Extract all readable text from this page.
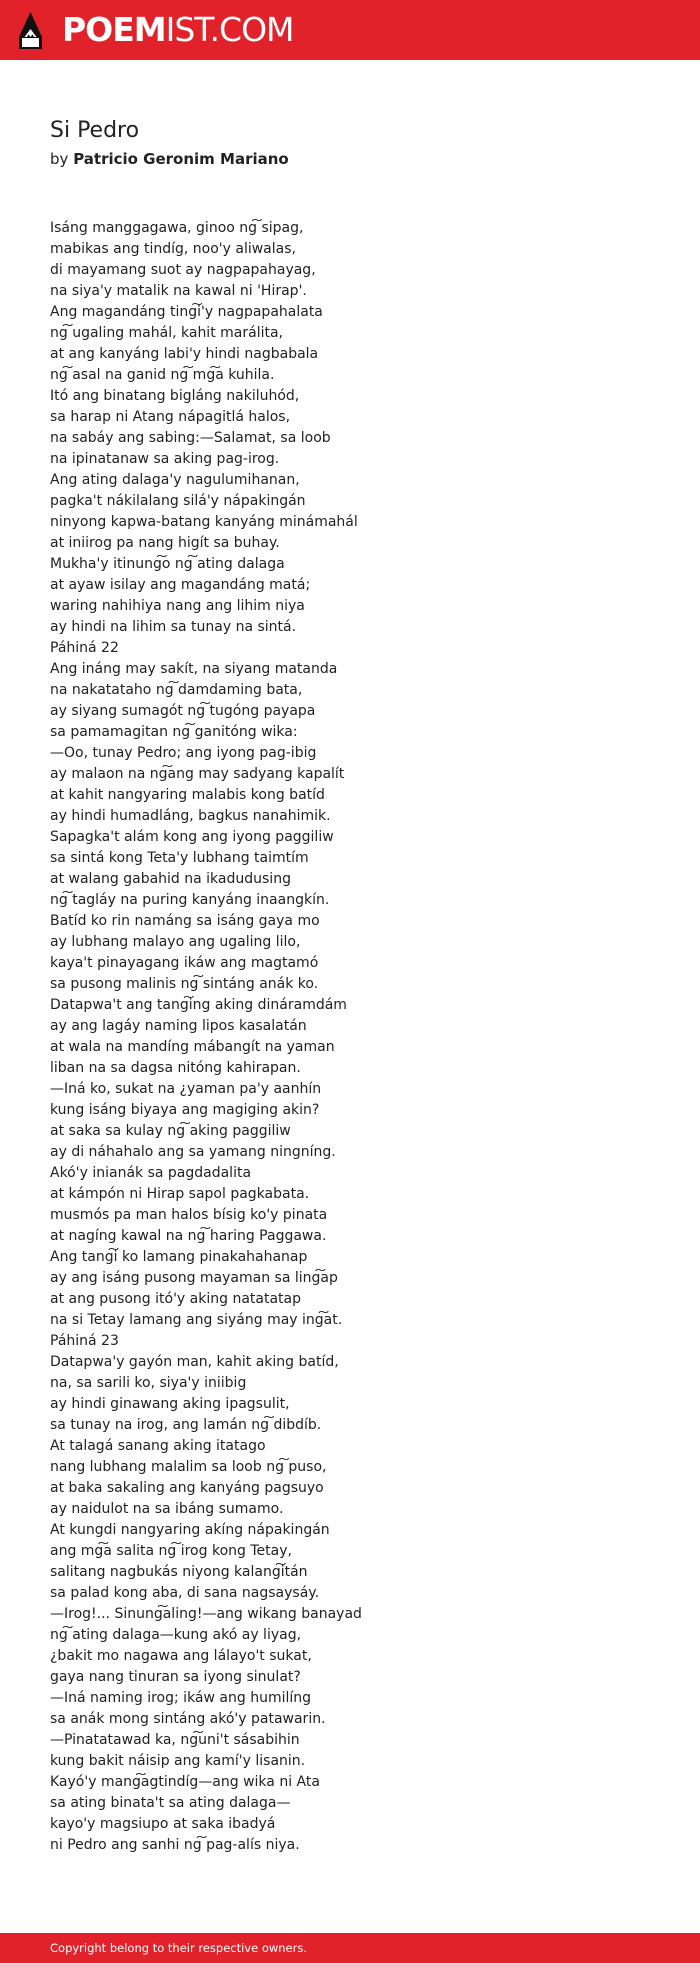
POEMIST.COM
Si Pedro
by Patricio Geronim Mariano
Isáng manggagawa, ginoo ng͠ sipag,
mabikas ang tindíg, noo'y aliwalas,
di mayamang suot ay nagpapahayag,
na siya'y matalik na kawal ni 'Hirap'.
Ang magandáng ting͠i'y nagpapahalata
ng͠ ugaling mahál, kahit marálita,
at ang kanyáng labi'y hindi nagbabala
ng͠ asal na ganid ng͠ mg͠a kuhila.
Itó ang binatang bigláng nakiluhód,
sa harap ni Atang nápagitlá halos,
na sabáy ang sabing:—Salamat, sa loob
na ipinatanaw sa aking pag-irog.
Ang ating dalaga'y nagulumihanan,
pagka't nákilalang silá'y nápakingán
ninyong kapwa-batang kanyáng minámahál
at iniirog pa nang higít sa buhay.
Mukha'y itinung͠o ng͠ ating dalaga
at ayaw isilay ang magandáng matá;
waring nahihiya nang ang lihim niya
ay hindi na lihim sa tunay na sintá.
Páhiná 22
Ang ináng may sakít, na siyang matanda
na nakatataho ng͠ damdaming bata,
ay siyang sumagót ng͠ tugóng payapa
sa pamamagitan ng͠ ganitóng wika:
—Oo, tunay Pedro; ang iyong pag-ibig
ay malaon na ng͠ang may sadyang kapalít
at kahit nangyaring malabis kong batíd
ay hindi humadláng, bagkus nanahimik.
Sapagka't alám kong ang iyong paggiliw
sa sintá kong Teta'y lubhang taimtím
at walang gabahid na ikadudusing
ng͠ tagláy na puring kanyáng inaangkín.
Batíd ko rin namáng sa isáng gaya mo
ay lubhang malayo ang ugaling lilo,
kaya't pinayagang ikáw ang magtamó
sa pusong malinis ng͠ sintáng anák ko.
Datapwa't ang tang͠ing aking dináramdám
ay ang lagáy naming lipos kasalatán
at wala na mandíng mábangít na yaman
liban na sa dagsa nitóng kahirapan.
—Iná ko, sukat na ¿yaman pa'y aanhín
kung isáng biyaya ang magiging akin?
at saka sa kulay ng͠ aking paggiliw
ay di náhahalo ang sa yamang ningníng.
Akó'y inianák sa pagdadalita
at kámpón ni Hirap sapol pagkabata.
musmós pa man halos bísig ko'y pinata
at nagíng kawal na ng͠ haring Paggawa.
Ang tang͠i ko lamang pinakahahanap
ay ang isáng pusong mayaman sa ling͠ap
at ang pusong itó'y aking natatatap
na si Tetay lamang ang siyáng may ing͠at.
Páhiná 23
Datapwa'y gayón man, kahit aking batíd,
na, sa sarili ko, siya'y iniibig
ay hindi ginawang aking ipagsulit,
sa tunay na irog, ang lamán ng͠ dibdíb.
At talagá sanang aking itatago
nang lubhang malalim sa loob ng͠ puso,
at baka sakaling ang kanyáng pagsuyo
ay naidulot na sa ibáng sumamo.
At kungdi nangyaring akíng nápakingán
ang mg͠a salita ng͠ irog kong Tetay,
salitang nagbukás niyong kalang͠itán
sa palad kong aba, di sana nagsaysáy.
—Irog!... Sinung͠aling!—ang wikang banayad
ng͠ ating dalaga—kung akó ay liyag,
¿bakit mo nagawa ang lálayo't sukat,
gaya nang tinuran sa iyong sinulat?
—Iná naming irog; ikáw ang humilíng
sa anák mong sintáng akó'y patawarin.
—Pinatatawad ka, ng͠uni't sásabihin
kung bakit náisip ang kamí'y lisanin.
Kayó'y mang͠agtindíg—ang wika ni Ata
sa ating binata't sa ating dalaga—
kayo'y magsiupo at saka ibadyá
ni Pedro ang sanhi ng͠ pag-alís niya.
Copyright belong to their respective owners.
